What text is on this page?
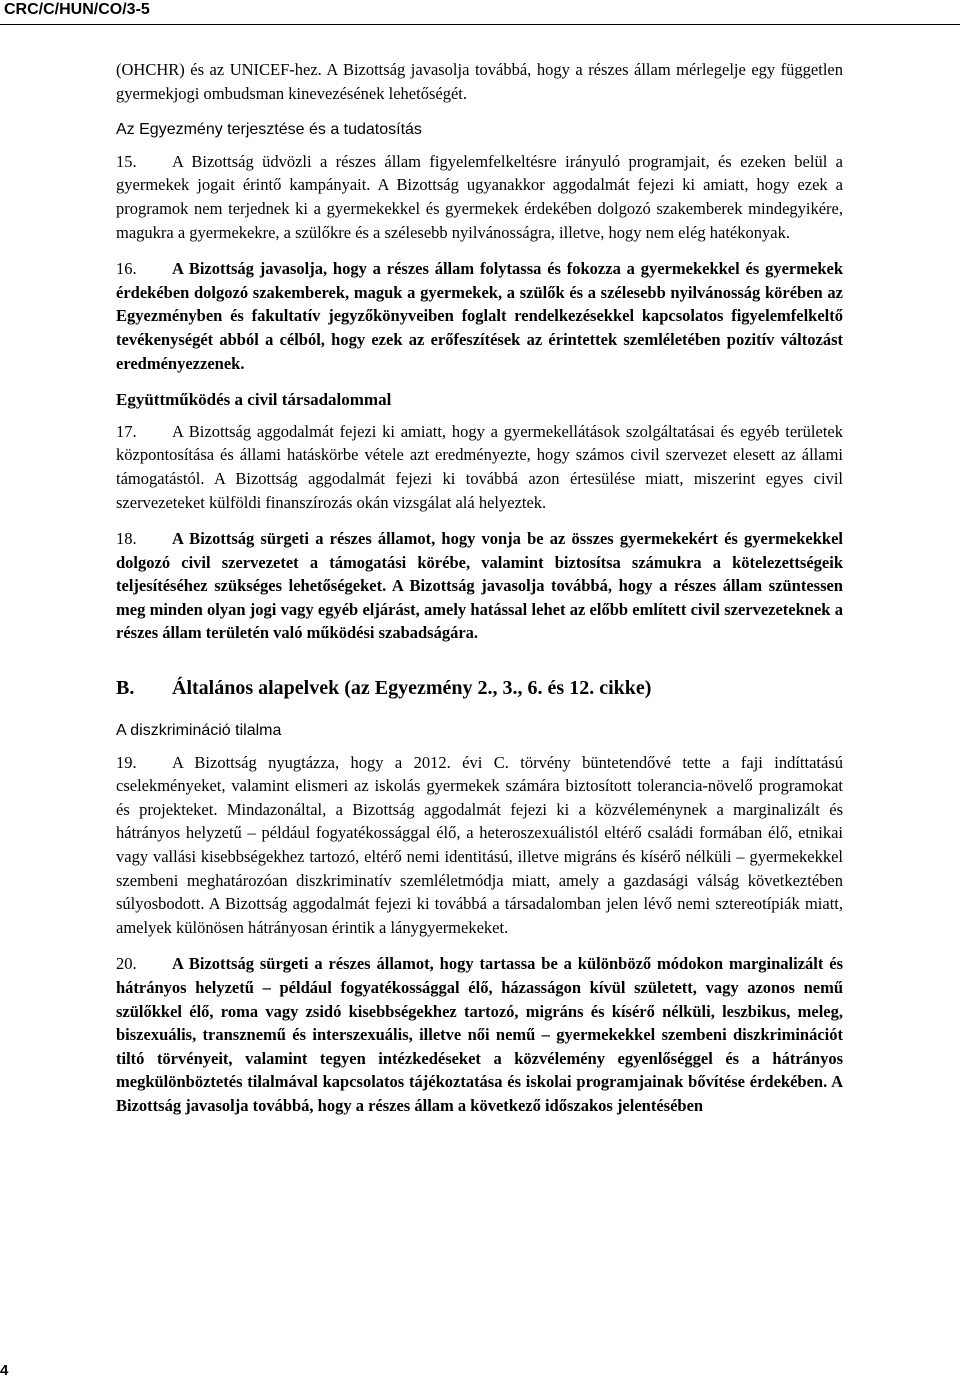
CRC/C/HUN/CO/3-5

(OHCHR) és az UNICEF-hez. A Bizottság javasolja továbbá, hogy a részes állam mérlegelje egy független gyermekjogi ombudsman kinevezésének lehetőségét.

Az Egyezmény terjesztése és a tudatosítás

15. A Bizottság üdvözli a részes állam figyelemfelkeltésre irányuló programjait, és ezeken belül a gyermekek jogait érintő kampányait. A Bizottság ugyanakkor aggodalmát fejezi ki amiatt, hogy ezek a programok nem terjednek ki a gyermekekkel és gyermekek érdekében dolgozó szakemberek mindegyikére, magukra a gyermekekre, a szülőkre és a szélesebb nyilvánosságra, illetve, hogy nem elég hatékonyak.

16. A Bizottság javasolja, hogy a részes állam folytassa és fokozza a gyermekekkel és gyermekek érdekében dolgozó szakemberek, maguk a gyermekek, a szülők és a szélesebb nyilvánosság körében az Egyezményben és fakultatív jegyzőkönyveiben foglalt rendelkezésekkel kapcsolatos figyelemfelkeltő tevékenységét abból a célból, hogy ezek az erőfeszítések az érintettek szemléletében pozitív változást eredményezzenek.

Együttműködés a civil társadalommal

17. A Bizottság aggodalmát fejezi ki amiatt, hogy a gyermekellátások szolgáltatásai és egyéb területek központosítása és állami hatáskörbe vétele azt eredményezte, hogy számos civil szervezet elesett az állami támogatástól. A Bizottság aggodalmát fejezi ki továbbá azon értesülése miatt, miszerint egyes civil szervezeteket külföldi finanszírozás okán vizsgálat alá helyeztek.

18. A Bizottság sürgeti a részes államot, hogy vonja be az összes gyermekekért és gyermekekkel dolgozó civil szervezetet a támogatási körébe, valamint biztosítsa számukra a kötelezettségeik teljesítéséhez szükséges lehetőségeket. A Bizottság javasolja továbbá, hogy a részes állam szüntessen meg minden olyan jogi vagy egyéb eljárást, amely hatással lehet az előbb említett civil szervezeteknek a részes állam területén való működési szabadságára.

B.	Általános alapelvek (az Egyezmény 2., 3., 6. és 12. cikke)
A diszkrimináció tilalma

19. A Bizottság nyugtázza, hogy a 2012. évi C. törvény büntetendővé tette a faji indíttatású cselekményeket, valamint elismeri az iskolás gyermekek számára biztosított tolerancia-növelő programokat és projekteket. Mindazonáltal, a Bizottság aggodalmát fejezi ki a közvéleménynek a marginalizált és hátrányos helyzetű – például fogyatékossággal élő, a heteroszexuálistól eltérő családi formában élő, etnikai vagy vallási kisebbségekhez tartozó, eltérő nemi identitású, illetve migráns és kísérő nélküli – gyermekekkel szembeni meghatározóan diszkriminatív szemléletmódja miatt, amely a gazdasági válság következtében súlyosbodott. A Bizottság aggodalmát fejezi ki továbbá a társadalomban jelen lévő nemi sztereotípiák miatt, amelyek különösen hátrányosan érintik a lánygyermekeket.

20. A Bizottság sürgeti a részes államot, hogy tartassa be a különböző módokon marginalizált és hátrányos helyzetű – például fogyatékossággal élő, házasságon kívül született, vagy azonos nemű szülőkkel élő, roma vagy zsidó kisebbségekhez tartozó, migráns és kísérő nélküli, leszbikus, meleg, biszexuális, transznemű és interszexuális, illetve női nemű – gyermekekkel szembeni diszkriminációt tiltó törvényeit, valamint tegyen intézkedéseket a közvélemény egyenlőséggel és a hátrányos megkülönböztetés tilalmával kapcsolatos tájékoztatása és iskolai programjainak bővítése érdekében. A Bizottság javasolja továbbá, hogy a részes állam a következő időszakos jelentésében

4
